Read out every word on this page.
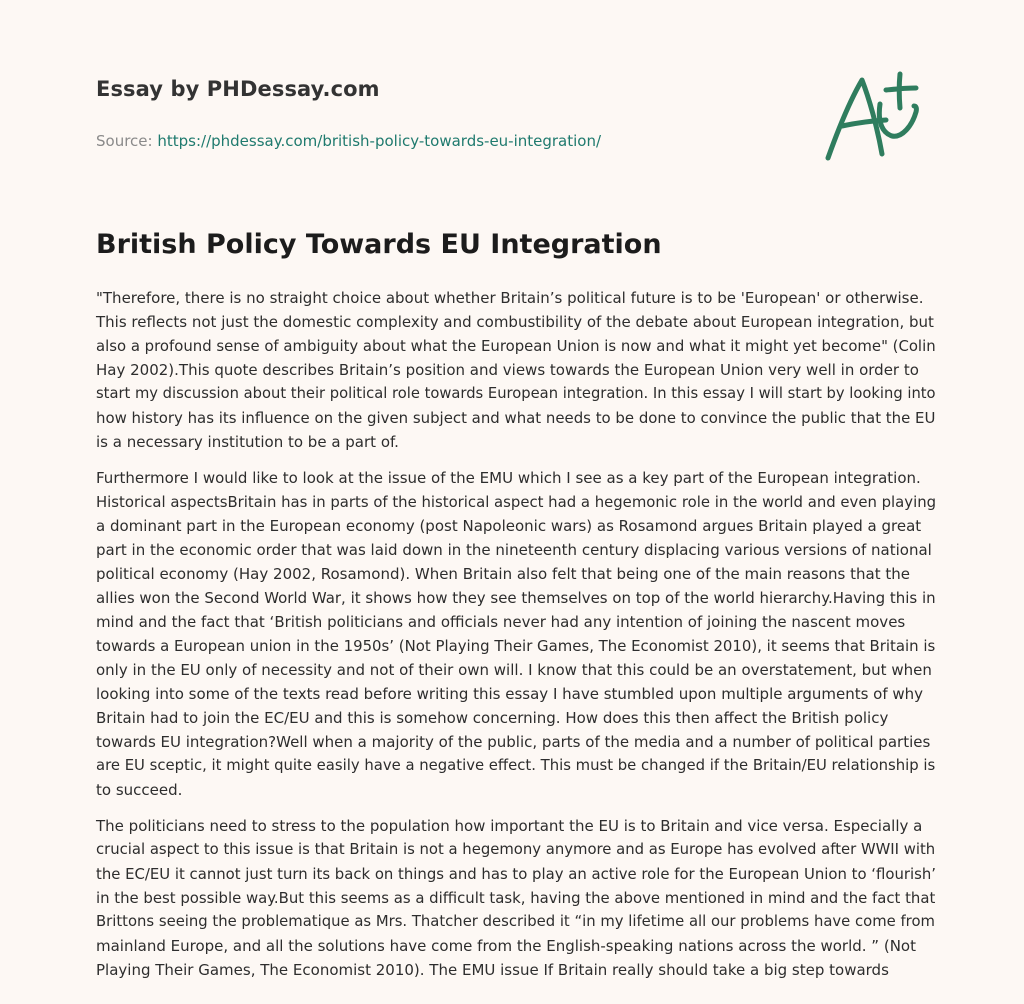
Essay by PHDessay.com
Source: https://phdessay.com/british-policy-towards-eu-integration/
British Policy Towards EU Integration

"Therefore, there is no straight choice about whether Britain’s political future is to be 'European' or otherwise.
This reflects not just the domestic complexity and combustibility of the debate about European integration, but
also a profound sense of ambiguity about what the European Union is now and what it might yet become" (Colin
Hay 2002).This quote describes Britain’s position and views towards the European Union very well in order to
start my discussion about their political role towards European integration. In this essay I will start by looking into
how history has its influence on the given subject and what needs to be done to convince the public that the EU
is a necessary institution to be a part of.

Furthermore I would like to look at the issue of the EMU which I see as a key part of the European integration.
Historical aspectsBritain has in parts of the historical aspect had a hegemonic role in the world and even playing
a dominant part in the European economy (post Napoleonic wars) as Rosamond argues Britain played a great
part in the economic order that was laid down in the nineteenth century displacing various versions of national
political economy (Hay 2002, Rosamond). When Britain also felt that being one of the main reasons that the
allies won the Second World War, it shows how they see themselves on top of the world hierarchy.Having this in
mind and the fact that ‘British politicians and officials never had any intention of joining the nascent moves
towards a European union in the 1950s’ (Not Playing Their Games, The Economist 2010), it seems that Britain is
only in the EU only of necessity and not of their own will. I know that this could be an overstatement, but when
looking into some of the texts read before writing this essay I have stumbled upon multiple arguments of why
Britain had to join the EC/EU and this is somehow concerning. How does this then affect the British policy
towards EU integration?Well when a majority of the public, parts of the media and a number of political parties
are EU sceptic, it might quite easily have a negative effect. This must be changed if the Britain/EU relationship is
to succeed.

The politicians need to stress to the population how important the EU is to Britain and vice versa. Especially a
crucial aspect to this issue is that Britain is not a hegemony anymore and as Europe has evolved after WWII with
the EC/EU it cannot just turn its back on things and has to play an active role for the European Union to ‘flourish’
in the best possible way.But this seems as a difficult task, having the above mentioned in mind and the fact that
Brittons seeing the problematique as Mrs. Thatcher described it “in my lifetime all our problems have come from
mainland Europe, and all the solutions have come from the English-speaking nations across the world. ” (Not
Playing Their Games, The Economist 2010). The EMU issue If Britain really should take a big step towards
